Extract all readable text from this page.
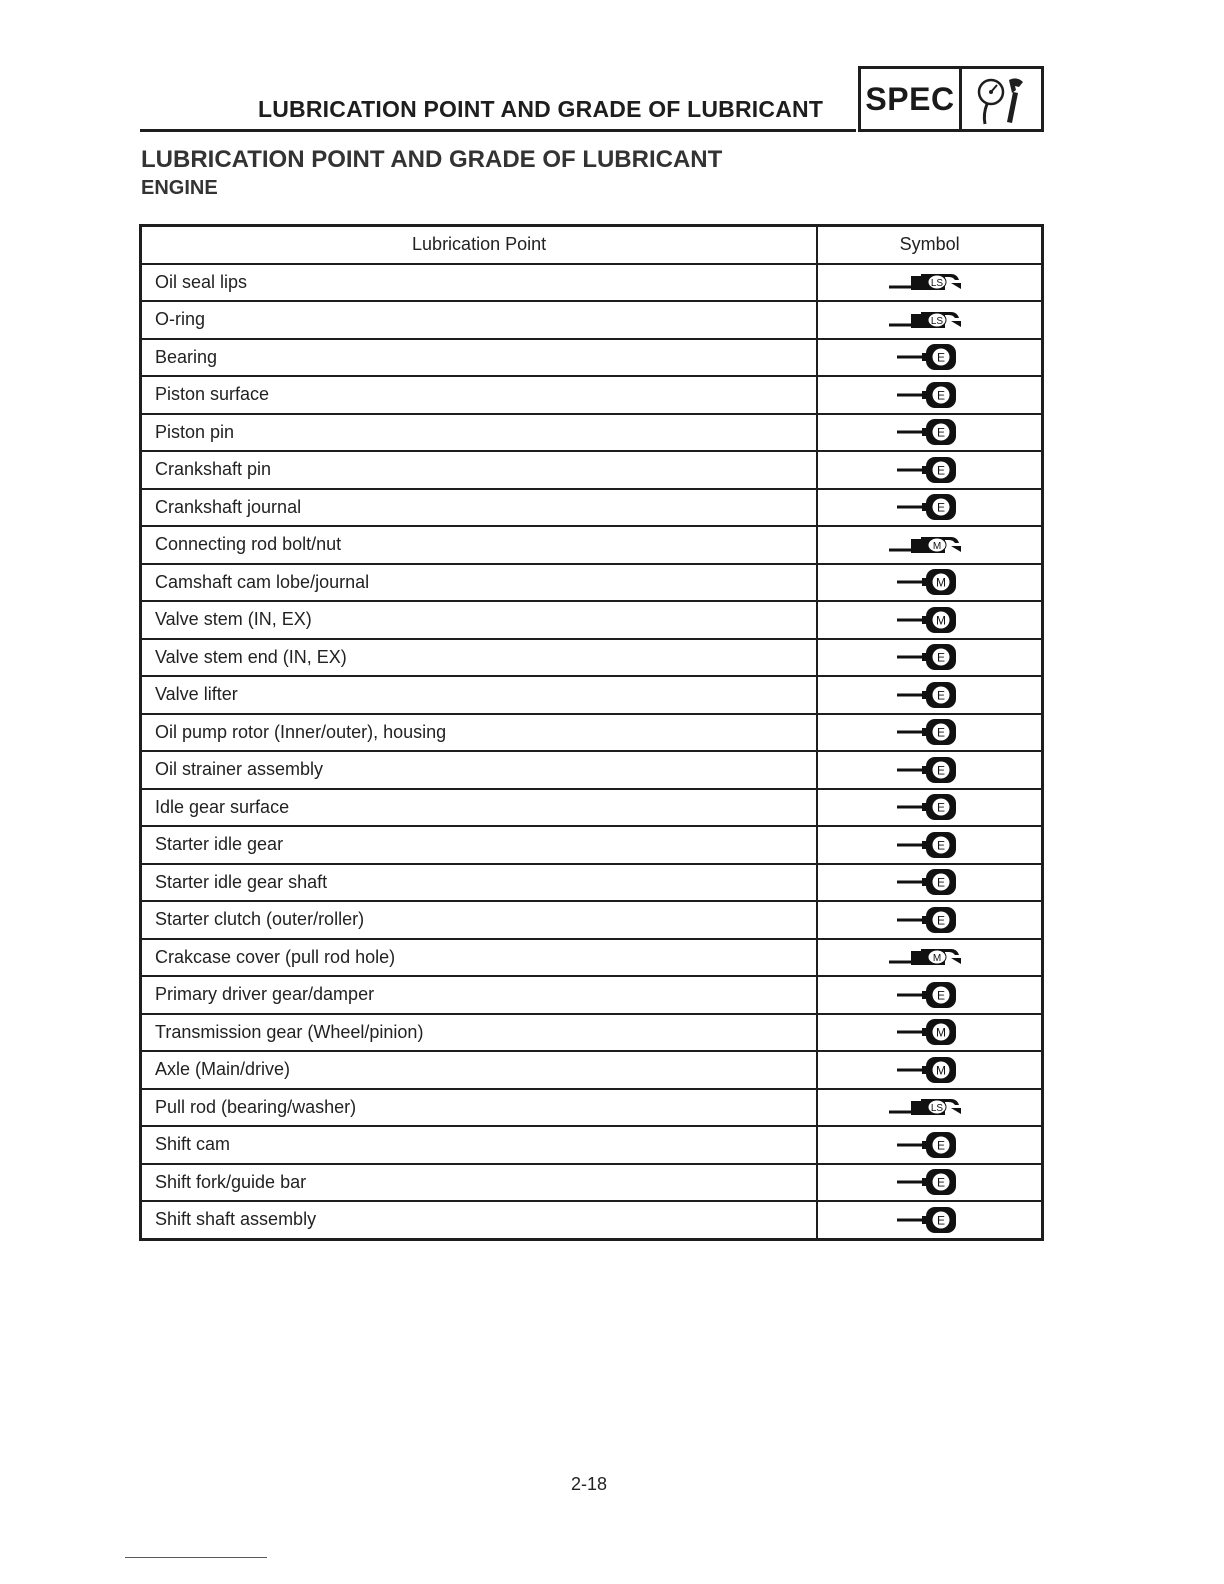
LUBRICATION POINT AND GRADE OF LUBRICANT SPEC
LUBRICATION POINT AND GRADE OF LUBRICANT
ENGINE
Lubrication Point	Symbol
Oil seal lips	LS

O-ring	LS

Bearing	E

Piston surface	E

Piston pin	E

Crankshaft pin	E

Crankshaft journal	E

Connecting rod bolt/nut	M

Camshaft cam lobe/journal	M

Valve stem (IN, EX)	M

Valve stem end (IN, EX)	E

Valve lifter	E

Oil pump rotor (Inner/outer), housing	E

Oil strainer assembly	E

Idle gear surface	E

Starter idle gear	E

Starter idle gear shaft	E

Starter clutch (outer/roller)	E

Crakcase cover (pull rod hole)	M

Primary driver gear/damper	E

Transmission gear (Wheel/pinion)	M

Axle (Main/drive)	M

Pull rod (bearing/washer)	LS

Shift cam	E

Shift fork/guide bar	E

Shift shaft assembly	E
2-18
